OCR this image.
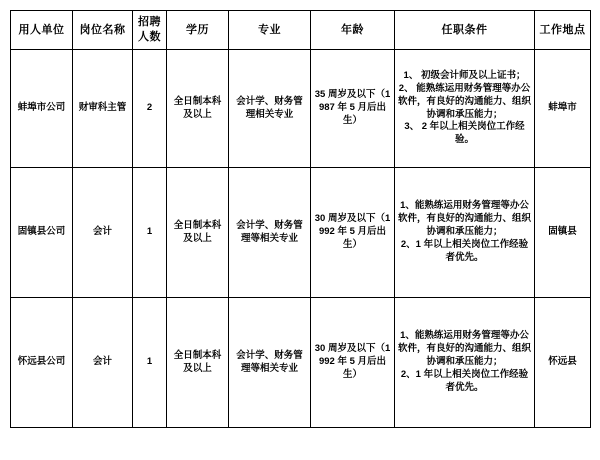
用人单位	岗位名称	招聘人数	学历	专业	年龄	任职条件	工作地点
蚌埠市公司	财审科主管	2	全日制本科及以上	会计学、财务管理相关专业	35 周岁及以下（1987 年 5 月后出生）	1、 初级会计师及以上证书；
2、 能熟练运用财务管理等办公软件，有良好的沟通能力、组织协调和承压能力；
3、 2 年以上相关岗位工作经验。	蚌埠市
固镇县公司	会计	1	全日制本科及以上	会计学、财务管理等相关专业	30 周岁及以下（1992 年 5 月后出生）	1、能熟练运用财务管理等办公软件，有良好的沟通能力、组织协调和承压能力；
2、1 年以上相关岗位工作经验者优先。	固镇县
怀远县公司	会计	1	全日制本科及以上	会计学、财务管理等相关专业	30 周岁及以下（1992 年 5 月后出生）	1、能熟练运用财务管理等办公软件，有良好的沟通能力、组织协调和承压能力；
2、1 年以上相关岗位工作经验者优先。	怀远县
